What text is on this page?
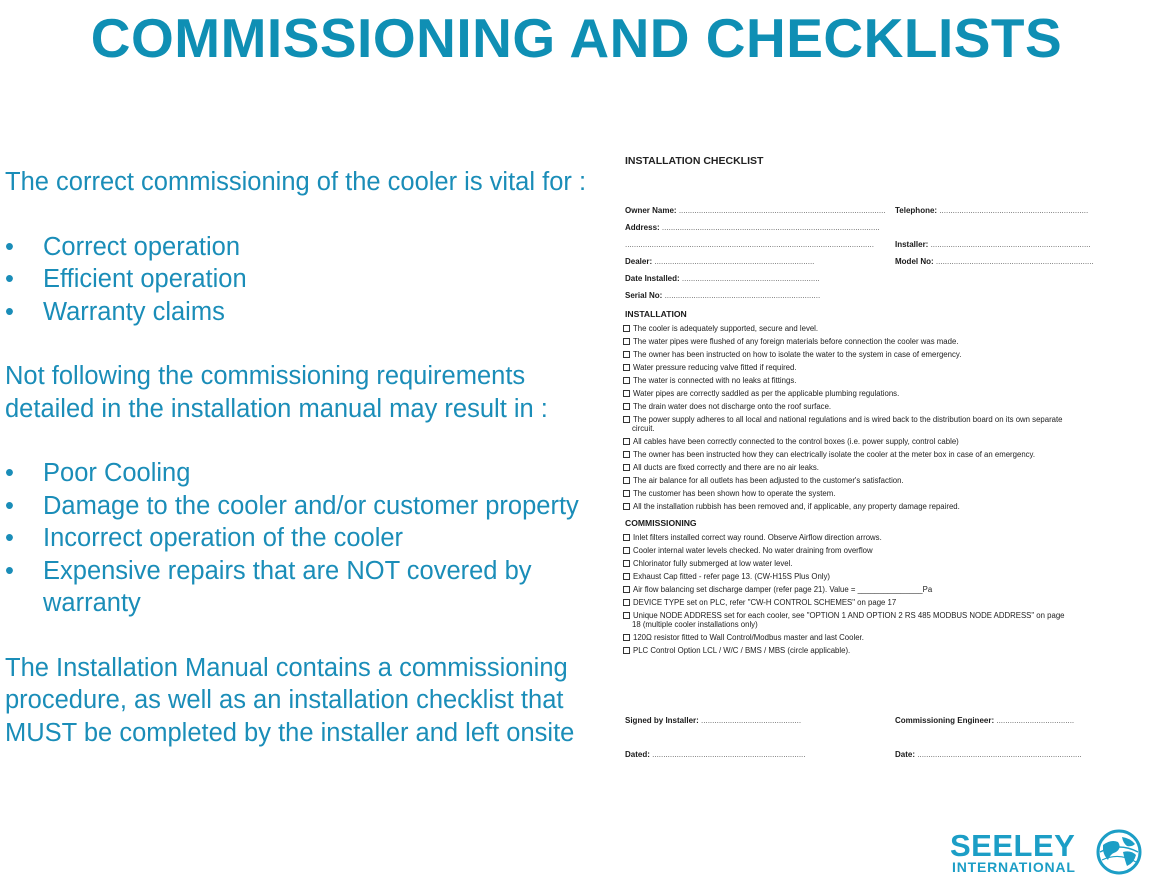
COMMISSIONING AND CHECKLISTS

The correct commissioning of the cooler is vital for :

• Correct operation
• Efficient operation
• Warranty claims

Not following the commissioning requirements detailed in the installation manual may result in :

• Poor Cooling
• Damage to the cooler and/or customer property
• Incorrect operation of the cooler
• Expensive repairs that are NOT covered by warranty

The Installation Manual contains a commissioning procedure, as well as an installation checklist that MUST be completed by the installer and left onsite

INSTALLATION CHECKLIST
Owner Name: ............................................................................................. Telephone: ...................................................................
Address: ..................................................................................................
................................................................................................................	Installer: ........................................................................
Dealer: ........................................................................	Model No: .......................................................................
Date Installed: ..............................................................
Serial No: ......................................................................
INSTALLATION
The cooler is adequately supported, secure and level.
The water pipes were flushed of any foreign materials before connection the cooler was made.
The owner has been instructed on how to isolate the water to the system in case of emergency.
Water pressure reducing valve fitted if required.
The water is connected with no leaks at fittings.
Water pipes are correctly saddled as per the applicable plumbing regulations.
The drain water does not discharge onto the roof surface.
The power supply adheres to all local and national regulations and is wired back to the distribution board on its own separate
circuit.
All cables have been correctly connected to the control boxes (i.e. power supply, control cable)
The owner has been instructed how they can electrically isolate the cooler at the meter box in case of an emergency.
All ducts are fixed correctly and there are no air leaks.
The air balance for all outlets has been adjusted to the customer's satisfaction.
The customer has been shown how to operate the system.
All the installation rubbish has been removed and, if applicable, any property damage repaired.
COMMISSIONING
Inlet filters installed correct way round. Observe Airflow direction arrows.
Cooler internal water levels checked. No water draining from overflow
Chlorinator fully submerged at low water level.
Exhaust Cap fitted - refer page 13. (CW-H15S Plus Only)
Air flow balancing set discharge damper (refer page 21). Value = _______________Pa
DEVICE TYPE set on PLC, refer "CW-H CONTROL SCHEMES" on page 17
Unique NODE ADDRESS set for each cooler, see "OPTION 1 AND OPTION 2 RS 485 MODBUS NODE ADDRESS" on page
18 (multiple cooler installations only)
120Ω resistor fitted to Wall Control/Modbus master and last Cooler.
PLC Control Option LCL / W/C / BMS / MBS (circle applicable).
Signed by Installer: .............................................	Commissioning Engineer: ...................................
Dated: .....................................................................	Date: ..........................................................................
SEELEY
INTERNATIONAL
